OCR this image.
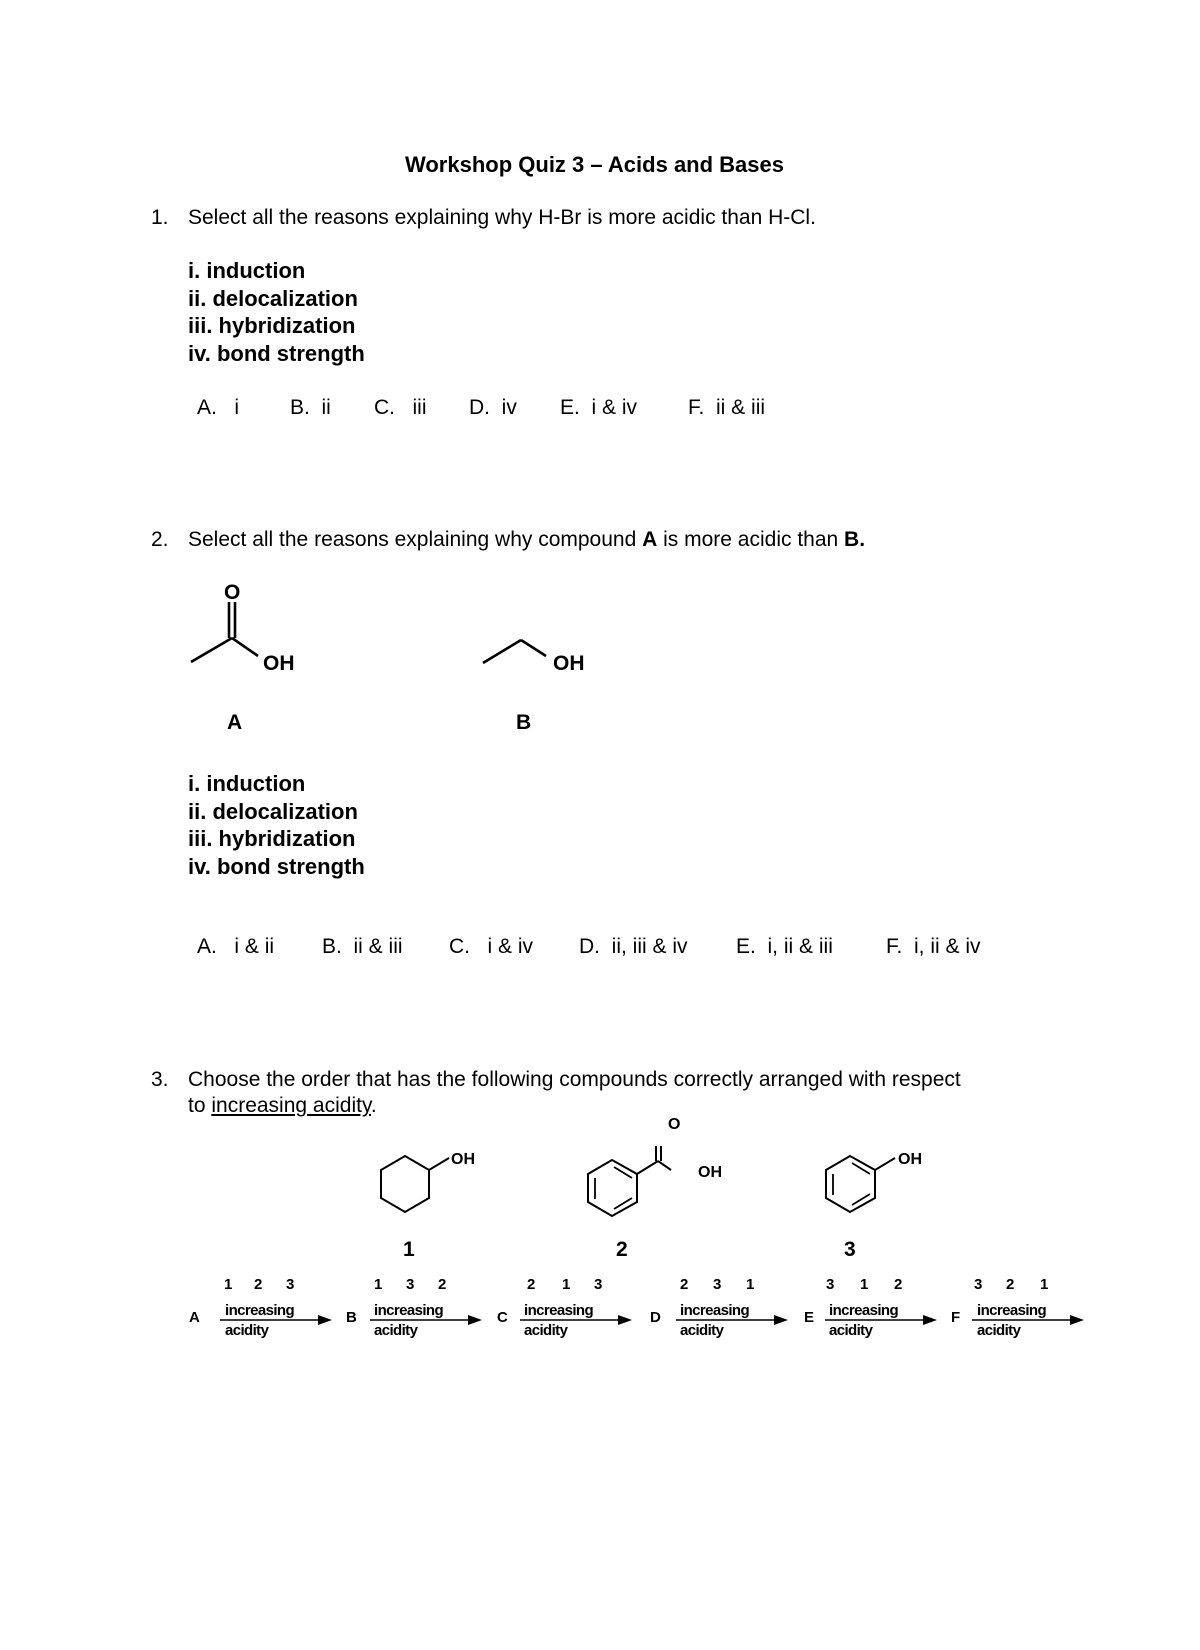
Workshop Quiz 3 – Acids and Bases
1. Select all the reasons explaining why H-Br is more acidic than H-Cl.
i. induction
ii. delocalization
iii. hybridization
iv. bond strength
A. i B. ii C. iii D. iv E. i & iv F. ii & iii
2. Select all the reasons explaining why compound A is more acidic than B.
O
OH
A
OH
B
i. induction
ii. delocalization
iii. hybridization
iv. bond strength
A. i & ii B. ii & iii C. i & iv D. ii, iii & iv E. i, ii & iii	F. i, ii & iv
3. Choose the order that has the following compounds correctly arranged with respect
to increasing acidity.
OH
1
O
OH
2
OH
3
1 2 3
A increasing
acidity
1 3 2
B increasing
acidity
2 1 3
C increasing
acidity
2 3 1
D increasing
acidity
3 1 2
E increasing
acidity
3 2 1
F increasing
acidity
